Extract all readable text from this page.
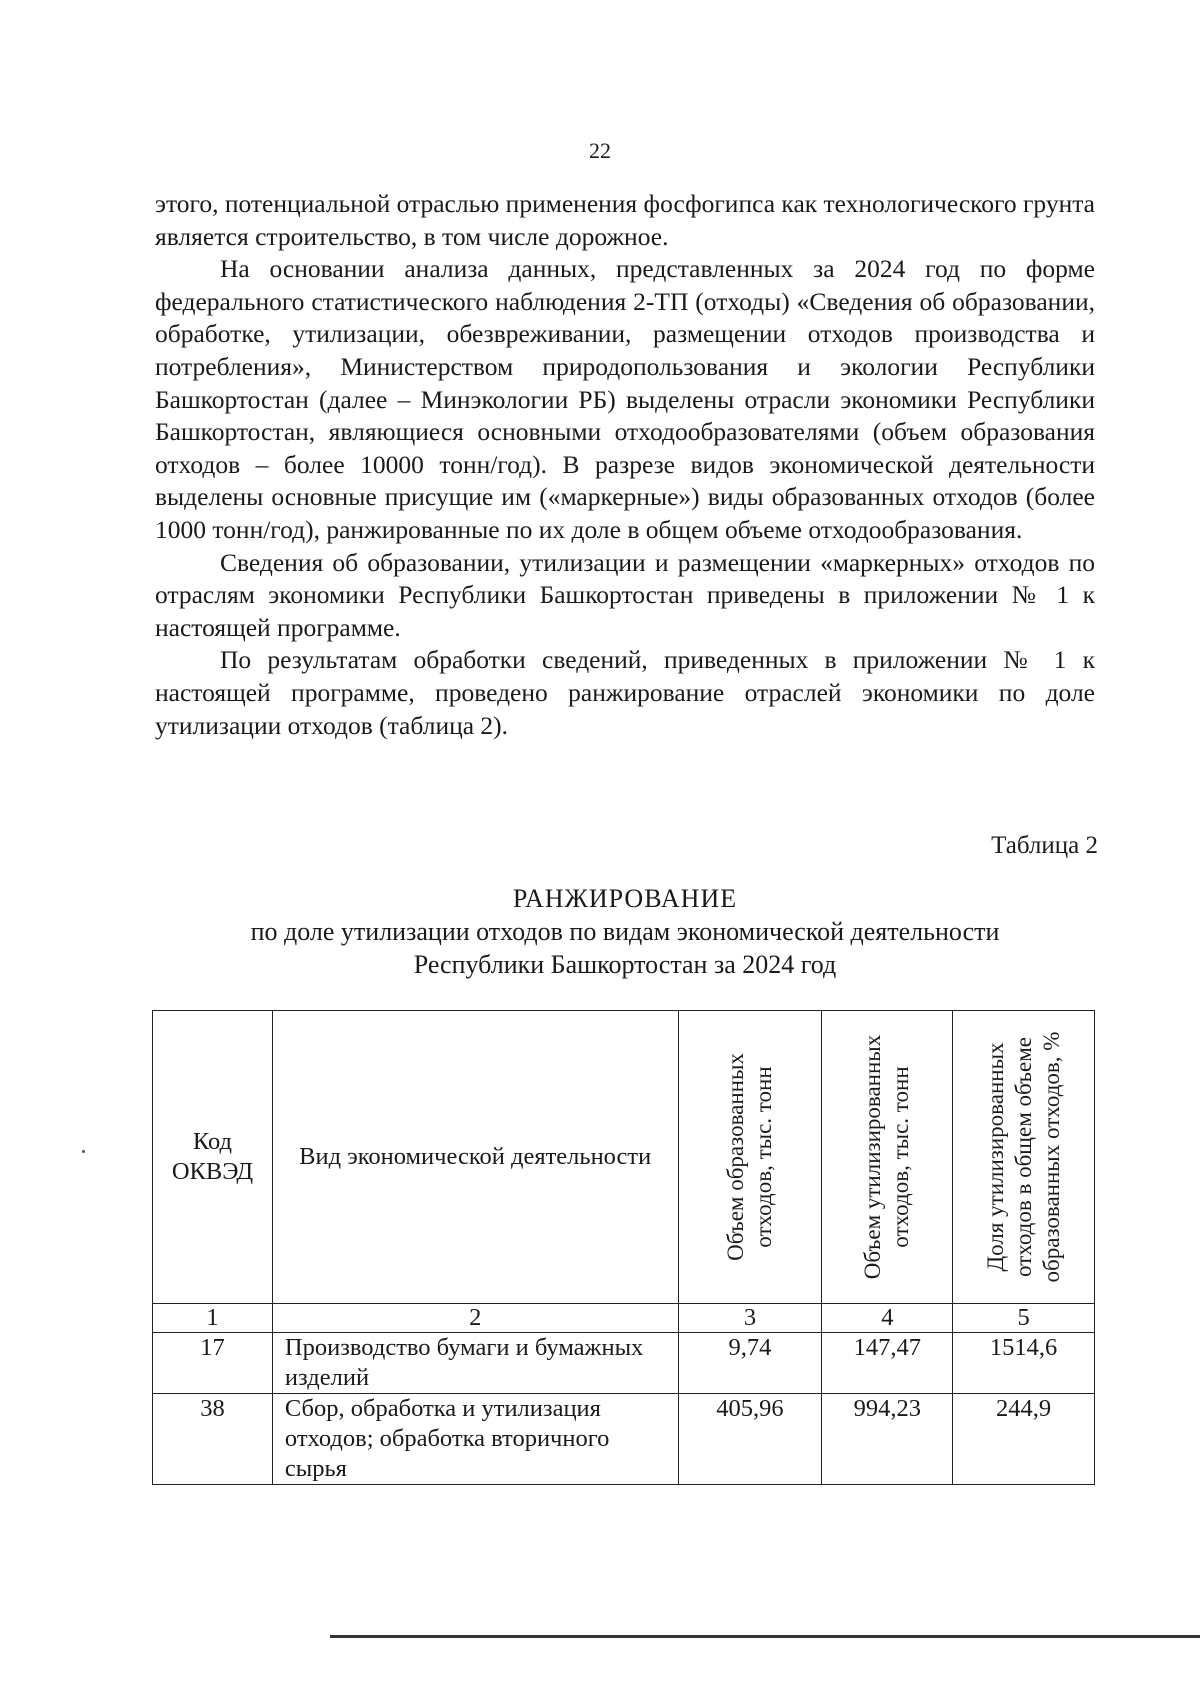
22

этого, потенциальной отраслью применения фосфогипса как технологического грунта является строительство, в том числе дорожное.

На основании анализа данных, представленных за 2024 год по форме федерального статистического наблюдения 2-ТП (отходы) «Сведения об образовании, обработке, утилизации, обезвреживании, размещении отходов производства и потребления», Министерством природопользования и экологии Республики Башкортостан (далее – Минэкологии РБ) выделены отрасли экономики Республики Башкортостан, являющиеся основными отходообразователями (объем образования отходов – более 10000 тонн/год). В разрезе видов экономической деятельности выделены основные присущие им («маркерные») виды образованных отходов (более 1000 тонн/год), ранжированные по их доле в общем объеме отходообразования.

Сведения об образовании, утилизации и размещении «маркерных» отходов по отраслям экономики Республики Башкортостан приведены в приложении № 1 к настоящей программе.

По результатам обработки сведений, приведенных в приложении № 1 к настоящей программе, проведено ранжирование отраслей экономики по доле утилизации отходов (таблица 2).

Таблица 2
РАНЖИРОВАНИЕ
по доле утилизации отходов по видам экономической деятельности
Республики Башкортостан за 2024 год
Код ОКВЭД	Вид экономической деятельности	Объем образованных отходов, тыс. тонн	Объем утилизированных отходов, тыс. тонн	Доля утилизированных отходов в общем объеме образованных отходов, %

1	2	3	4	5
17	Производство бумаги и бумажных изделий	9,74	147,47	1514,6
38	Сбор, обработка и утилизация отходов; обработка вторичного сырья	405,96	994,23	244,9
